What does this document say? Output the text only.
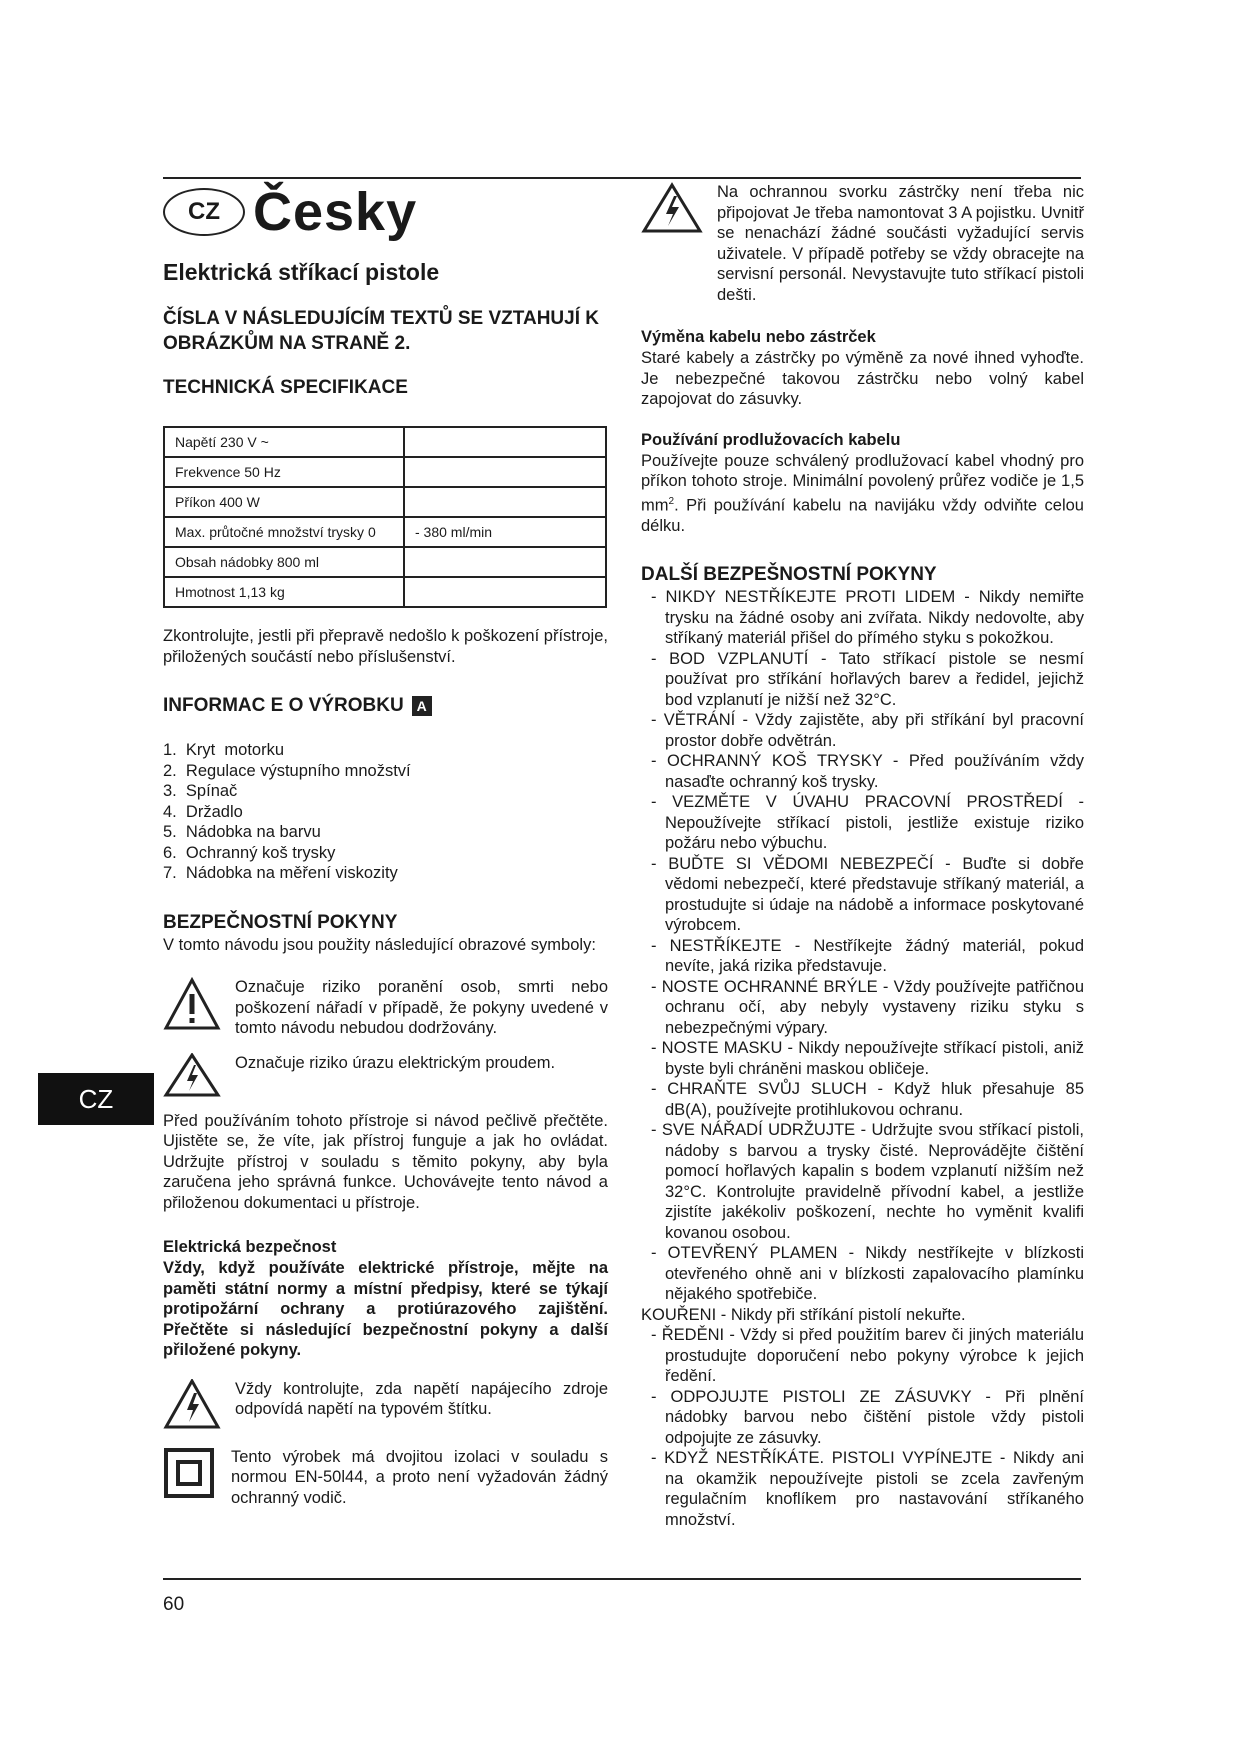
CZ Česky
Elektrická stříkací pistole
ČÍSLA V NÁSLEDUJÍCÍM TEXTŮ SE VZTAHUJÍ K OBRÁZKŮM NA STRANĚ 2.
TECHNICKÁ SPECIFIKACE
Napětí 230 V ~	
Frekvence 50 Hz	
Příkon 400 W	
Max. průtočné množství trysky 0	- 380 ml/min
Obsah nádobky 800 ml	
Hmotnost 1,13 kg	

Zkontrolujte, jestli při přepravě nedošlo k poškození přístroje, přiložených součástí nebo příslušenství.

INFORMAC E O VÝROBKU A
1.  Kryt  motorku
2.  Regulace výstupního množství
3.  Spínač
4.  Držadlo
5.  Nádobka na barvu
6.  Ochranný koš trysky
7.  Nádobka na měření viskozity
BEZPEČNOSTNÍ POKYNY

V tomto návodu jsou použity následující obrazové symboly:

Označuje riziko poranění osob, smrti nebo poškození nářadí v případě, že pokyny uvedené v tomto návodu nebudou dodržovány.

Označuje riziko úrazu elektrickým proudem.

Před používáním tohoto přístroje si návod pečlivě přečtěte. Ujistěte se, že víte, jak přístroj funguje a jak ho ovládat. Udržujte přístroj v souladu s těmito pokyny, aby byla zaručena jeho správná funkce. Uchovávejte tento návod a přiloženou dokumentaci u přístroje.

Elektrická bezpečnost

Vždy, když používáte elektrické přístroje, mějte na paměti státní normy a místní předpisy, které se týkají protipožární ochrany a protiúrazového zajištění. Přečtěte si následující bezpečnostní pokyny a další přiložené pokyny.

Vždy kontrolujte, zda napětí napájecího zdroje odpovídá napětí na typovém štítku.

Tento výrobek má dvojitou izolaci v souladu s normou EN-50l44, a proto není vyžadován žádný ochranný vodič.

Na ochrannou svorku zástrčky není třeba nic připojovat Je třeba namontovat 3 A pojistku. Uvnitř se nenachází žádné součásti vyžadující servis uživatele. V případě potřeby se vždy obracejte na servisní personál. Nevystavujte tuto stříkací pistoli dešti.

Výměna kabelu nebo zástrček

Staré kabely a zástrčky po výměně za nové ihned vyhoďte. Je nebezpečné takovou zástrčku nebo volný kabel zapojovat do zásuvky.

Používání prodlužovacích kabelu

Používejte pouze schválený prodlužovací kabel vhodný pro příkon tohoto stroje. Minimální povolený průřez vodiče je 1,5 $mm^2$. Při používání kabelu na navijáku vždy odviňte celou délku.

DALŠÍ BEZPEŠNOSTNÍ POKYNY
- NIKDY NESTŘÍKEJTE PROTI LIDEM - Nikdy nemiřte trysku na žádné osoby ani zvířata. Nikdy nedovolte, aby stříkaný materiál přišel do přímého styku s pokožkou.
- BOD VZPLANUTÍ - Tato stříkací pistole se nesmí používat pro stříkání hořlavých barev a ředidel, jejichž bod vzplanutí je nižší než 32°C.
- VĚTRÁNÍ - Vždy zajistěte, aby při stříkání byl pracovní prostor dobře odvětrán.
- OCHRANNÝ KOŠ TRYSKY - Před používáním vždy nasaďte ochranný koš trysky.
- VEZMĚTE V ÚVAHU PRACOVNÍ PROSTŘEDÍ -Nepoužívejte stříkací pistoli, jestliže existuje riziko požáru nebo výbuchu.
- BUĎTE SI VĚDOMI NEBEZPEČÍ - Buďte si dobře vědomi nebezpečí, které představuje stříkaný materiál, a prostudujte si údaje na nádobě a informace poskytované výrobcem.
- NESTŘÍKEJTE - Nestříkejte žádný materiál, pokud nevíte, jaká rizika představuje.
- NOSTE OCHRANNÉ BRÝLE - Vždy používejte patřičnou ochranu očí, aby nebyly vystaveny riziku styku s nebezpečnými výpary.
- NOSTE MASKU - Nikdy nepoužívejte stříkací pistoli, aniž byste byli chráněni maskou obličeje.
- CHRAŇTE SVŮJ SLUCH - Když hluk přesahuje 85 dB(A), používejte protihlukovou ochranu.
- SVE NÁŘADÍ UDRŽUJTE - Udržujte svou stříkací pistoli, nádoby s barvou a trysky čisté. Neprovádějte čištění pomocí hořlavých kapalin s bodem vzplanutí nižším než 32°C. Kontrolujte pravidelně přívodní kabel, a jestliže zjistíte jakékoliv poškození, nechte ho vyměnit kvalifi kovanou osobou.
- OTEVŘENÝ PLAMEN - Nikdy nestříkejte v blízkosti otevřeného ohně ani v blízkosti zapalovacího plamínku nějakého spotřebiče.
KOUŘENI - Nikdy při stříkání pistolí nekuřte.
- ŘEDĚNI - Vždy si před použitím barev či jiných materiálu prostudujte doporučení nebo pokyny výrobce k jejich ředění.
- ODPOJUJTE PISTOLI ZE ZÁSUVKY - Při plnění nádobky barvou nebo čištění pistole vždy pistoli odpojujte ze zásuvky.
- KDYŽ NESTŘÍKÁTE. PISTOLI VYPÍNEJTE - Nikdy ani na okamžik nepoužívejte pistoli se zcela zavřeným regulačním knoflíkem pro nastavování stříkaného množství.
CZ
60
